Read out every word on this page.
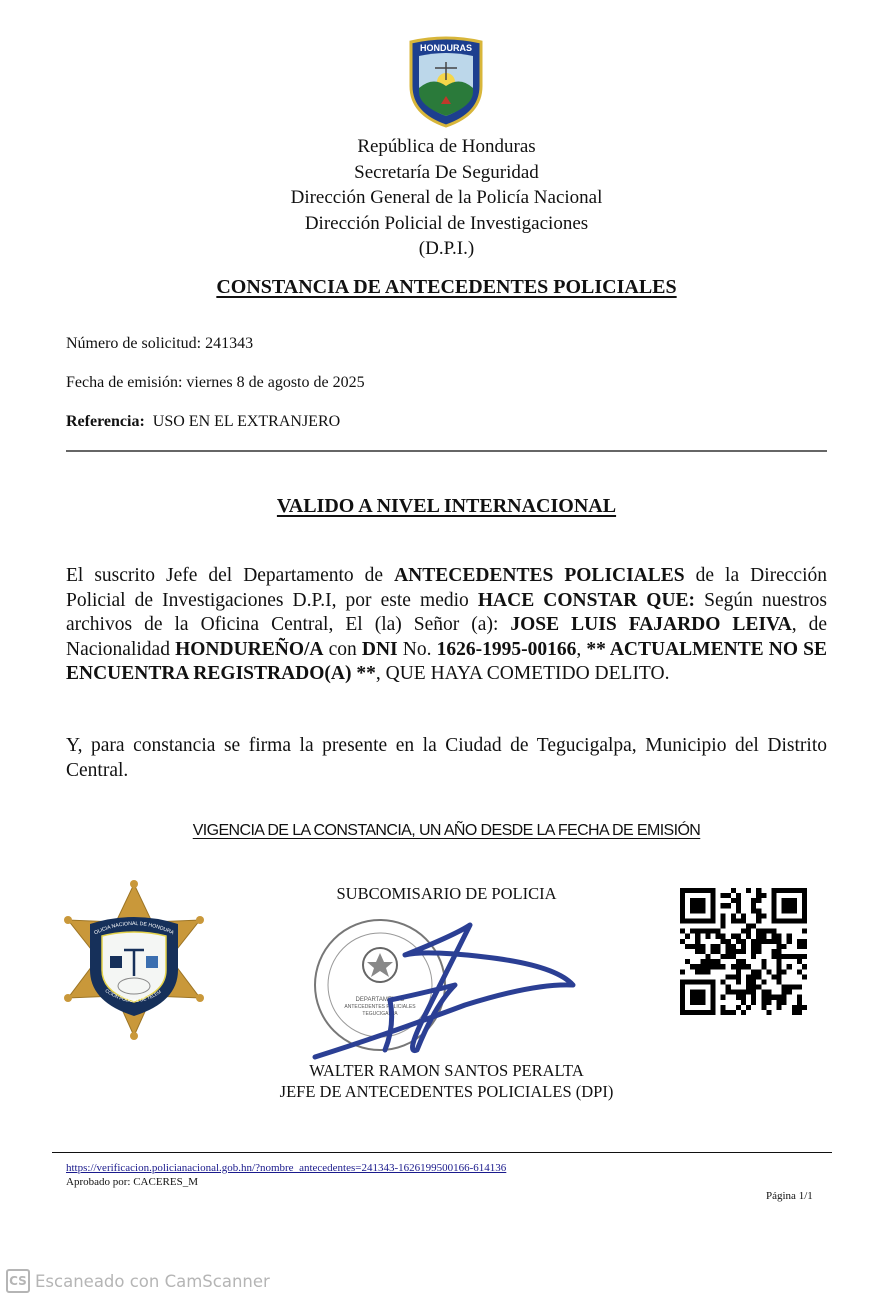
HONDURAS
República de Honduras
Secretaría De Seguridad
Dirección General de la Policía Nacional
Dirección Policial de Investigaciones
(D.P.I.)
CONSTANCIA DE ANTECEDENTES POLICIALES
Número de solicitud: 241343
Fecha de emisión: viernes 8 de agosto de 2025
Referencia: USO EN EL EXTRANJERO
VALIDO A NIVEL INTERNACIONAL
El suscrito Jefe del Departamento de ANTECEDENTES POLICIALES de la Dirección Policial de Investigaciones D.P.I, por este medio HACE CONSTAR QUE: Según nuestros archivos de la Oficina Central, El (la) Señor (a): JOSE LUIS FAJARDO LEIVA, de Nacionalidad HONDUREÑO/A con DNI No. 1626-1995-00166, ** ACTUALMENTE NO SE ENCUENTRA REGISTRADO(A) **, QUE HAYA COMETIDO DELITO.
Y, para constancia se firma la presente en la Ciudad de Tegucigalpa, Municipio del Distrito Central.
VIGENCIA DE LA CONSTANCIA, UN AÑO DESDE LA FECHA DE EMISIÓN
OLICIA NACIONAL DE HONDURA
CCION POLICIAL DE TELEM
SUBCOMISARIO DE POLICIA
DEPARTAMENTO
ANTECEDENTES POLICIALES
TEGUCIGALPA
WALTER RAMON SANTOS PERALTA
JEFE DE ANTECEDENTES POLICIALES (DPI)
https://verificacion.policianacional.gob.hn/?nombre_antecedentes=241343-1626199500166-614136
Aprobado por: CACERES_M
Página 1/1
CS Escaneado con CamScanner
